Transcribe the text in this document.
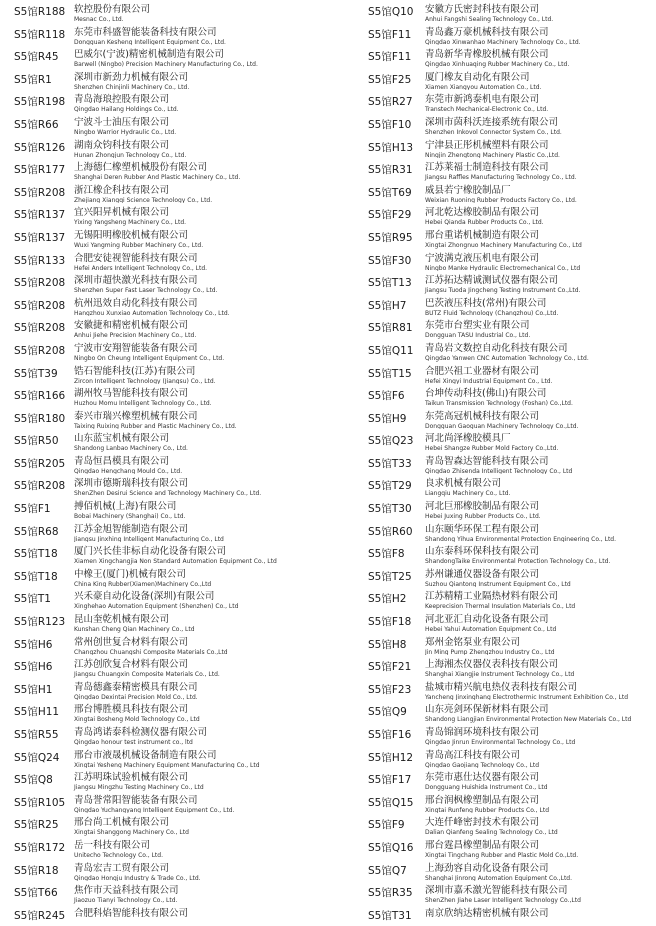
S5馆R188 软控股份有限公司
Mesnac Co., Ltd.
S5馆R118 东莞市科盛智能装备科技有限公司
Dongguan Kesheng Intelligent Equipment Co., Ltd.
S5馆R45 巴威尔(宁波)精密机械制造有限公司
Barwell (Ningbo) Precision Machinery Manufacturing Co., Ltd.
S5馆R1 深圳市新劲力机械有限公司
Shenzhen Chinjinli Machinery Co., Ltd.
S5馆R198 青岛海琅控股有限公司
Qingdao Hailang Holdings Co., Ltd.
S5馆R66 宁波斗士油压有限公司
Ningbo Warrior Hydraulic Co., Ltd.
S5馆R126 湖南众钧科技有限公司
Hunan Zhongjun Technology Co., Ltd.
S5馆R177 上海德仁橡塑机械股份有限公司
Shanghai Deren Rubber And Plastic Machinery Co., Ltd.
S5馆R208 浙江橡企科技有限公司
Zhejiang Xiangqi Science Technology Co., Ltd.
S5馆R137 宜兴阳昇机械有限公司
Yixing Yangsheng Machinery Co., Ltd.
S5馆R137 无锡阳明橡胶机械有限公司
Wuxi Yangming Rubber Machinery Co., Ltd.
S5馆R133 合肥安徒视智能科技有限公司
Hefei Anders Intelligent Technology Co., Ltd.
S5馆R208 深圳市超快激光科技有限公司
Shenzhen Super Fast Laser Technology Co., Ltd.
S5馆R208 杭州迅效自动化科技有限公司
Hangzhou Xunxiao Automation Technology Co., Ltd.
S5馆R208 安徽捷和精密机械有限公司
Anhui Jiehe Precision Machinery Co., Ltd.
S5馆R208 宁波市安翔智能装备有限公司
Ningbo On Cheung Intelligent Equipment Co., Ltd.
S5馆T39 锆石智能科技(江苏)有限公司
Zircon Intelligent Technology (Jiangsu) Co., Ltd.
S5馆R166 湖州牧马智能科技有限公司
Huzhou Momu Intelligent Technology Co., Ltd.
S5馆R180 泰兴市瑞兴橡塑机械有限公司
Taixing Ruixing Rubber and Plastic Machinery Co., Ltd.
S5馆R50 山东蓝宝机械有限公司
Shandong Lanbao Machinery Co., Ltd.
S5馆R205 青岛恒昌模具有限公司
Qingdao Hengchang Mould Co., Ltd.
S5馆R208 深圳市德斯瑞科技有限公司
ShenZhen Desirui Science and Technology Machinery Co., Ltd.
S5馆F1 搏佰机械(上海)有限公司
Bobai Machinery (Shanghai) Co., Ltd.
S5馆R68 江苏金旭智能制造有限公司
Jiangsu Jinxhing Intelligent Manufacturing Co., Ltd
S5馆T18 厦门兴长佳非标自动化设备有限公司
Xiamen Xingchangjia Non Standard Automation Equipment Co., Ltd
S5馆T18 中橡王(厦门)机械有限公司
China King Rubber(Xiamen)Machinery Co.,Ltd
S5馆T1 兴禾豪自动化设备(深圳)有限公司
Xinghehao Automation Equipment (Shenzhen) Co., Ltd
S5馆R123 昆山奎乾机械有限公司
Kunshan Cheng Qian Machinery Co., Ltd
S5馆H6 常州创世复合材料有限公司
Changzhou Chuangshi Composite Materials Co.,Ltd
S5馆H6 江苏创欣复合材料有限公司
Jiangsu Chuangxin Composite Materials Co., Ltd.
S5馆H1 青岛德鑫泰精密模具有限公司
Qingdao Dexintai Precision Mold Co., Ltd.
S5馆H11 邢台博胜模具科技有限公司
Xingtai Bosheng Mold Technology Co., Ltd
S5馆R55 青岛鸿诺泰科检测仪器有限公司
Qingdao honour test instrument co., ltd
S5馆Q24 邢台市液晟机械设备制造有限公司
Xingtai Yesheng Machinery Equipment Manufacturing Co., Ltd
S5馆Q8 江苏明珠试验机械有限公司
Jiangsu Mingzhu Testing Machinery Co., Ltd
S5馆R105 青岛誉常阳智能装备有限公司
Qingdao Yuchangyang Intelligent Equipment Co., Ltd.
S5馆R25 邢台尚工机械有限公司
Xingtai Shanggong Machinery Co., Ltd
S5馆R172 岳一科技有限公司
Unitecho Technology Co., Ltd.
S5馆R18 青岛宏吉工贸有限公司
Qingdao Hongju Industry & Trade Co., Ltd.
S5馆T66 焦作市天益科技有限公司
Jiaozuo Tianyi Technology Co., Ltd.
S5馆R245 合肥科焰智能科技有限公司
S5馆Q10 安徽方氏密封科技有限公司
Anhui Fangshi Sealing Technology Co., Ltd.
S5馆F11 青岛鑫万豪机械科技有限公司
Qingdao Xinwanhao Machinery Technology Co., Ltd.
S5馆F11 青岛新华青橡胶机械有限公司
Qingdao Xinhuaqing Rubber Machinery Co., Ltd.
S5馆F25 厦门橡友自动化有限公司
Xiamen Xiangyou Automation Co., Ltd.
S5馆R27 东莞市新鸿泰机电有限公司
Transtech Mechanical-Electronic Co., Ltd.
S5馆F10 深圳市茵科沃连接系统有限公司
Shenzhen Inkovol Connector System Co., Ltd.
S5馆H13 宁津县正彤机械塑料有限公司
Ningjin Zhengtong Machinery Plastic Co.,Ltd.
S5馆R31 江苏莱福士制造科技有限公司
Jiangsu Raffles Manufacturing Technology Co., Ltd.
S5馆T69 威县若宁橡胶制品厂
Weixian Ruoning Rubber Products Factory Co., Ltd.
S5馆F29 河北乾达橡胶制品有限公司
Hebei Qianda Rubber Products Co., Ltd.
S5馆R95 邢台重诺机械制造有限公司
Xingtai Zhongnuo Machinery Manufacturing Co., Ltd
S5馆F30 宁波满克液压机电有限公司
Ningbo Manke Hydraulic Electromechanical Co., Ltd
S5馆T13 江苏拓达精诚测试仪器有限公司
Jiangsu Tuoda Jingcheng Testing Instrument Co.,Ltd.
S5馆H7 巴茨液压科技(常州)有限公司
BUTZ Fluid Technology (Changzhou) Co.,Ltd.
S5馆R81 东莞市台塑实业有限公司
Dongguan TASU Industrial Co., Ltd.
S5馆Q11 青岛岩文数控自动化科技有限公司
Qingdao Yanwen CNC Automation Technology Co., Ltd.
S5馆T15 合肥兴祖工业器材有限公司
Hefei Xingyi Industrial Equipment Co., Ltd.
S5馆F6 台坤传动科技(佛山)有限公司
Taikun Transmission Technology (Foshan) Co.,Ltd.
S5馆H9 东莞高冠机械科技有限公司
Dongguan Gaoguan Machinery Technology Co.,Ltd.
S5馆Q23 河北尚泽橡胶模具厂
Hebei Shangze Rubber Mold Factory Co.,Ltd.
S5馆T33 青岛智森达智能科技有限公司
Qingdao Zhisenda Intelligent Technology Co., Ltd
S5馆T29 良求机械有限公司
Liangqiu Machinery Co., Ltd.
S5馆T30 河北巨邢橡胶制品有限公司
Hebei Juxing Rubber Products Co., Ltd.
S5馆R60 山东颐华环保工程有限公司
Shandong Yihua Environmental Protection Engineering Co., Ltd.
S5馆F8 山东泰科环保科技有限公司
ShandongTaike Environmental Protection Technology Co., Ltd.
S5馆T25 苏州谦通仪器设备有限公司
Suzhou Qiantong Instrument Equipment Co., Ltd
S5馆H2 江苏精精工业隔热材料有限公司
Keeprecision Thermal Insulation Materials Co., Ltd
S5馆F18 河北亚汇自动化设备有限公司
Hebei Yahui Automation Equipment Co., Ltd
S5馆H8 郑州金铭泵业有限公司
Jin Ming Pump Zhengzhou Industry Co., Ltd
S5馆F21 上海湘杰仪器仪表科技有限公司
Shanghai Xiangjie Instrument Technology Co., Ltd
S5馆F23 盐城市精兴航电热仪表科技有限公司
Yancheng Jinxinghang Electrothermic Instrument Exhibition Co., Ltd
S5馆Q9 山东亮剑环保新材料有限公司
Shandong Liangjian Environmental Protection New Materials Co., Ltd
S5馆F16 青岛锦润环境科技有限公司
Qingdao Jinrun Environmental Technology Co., Ltd
S5馆H12 青岛高江科技有限公司
Qingdao Gaojiang Technology Co., Ltd
S5馆F17 东莞市惠仕达仪器有限公司
Dongguang Huishida Instrument Co., Ltd
S5馆Q15 邢台润枫橡塑制品有限公司
Xingtai Runfeng Rubber Products Co., Ltd
S5馆F9 大连仟峰密封技术有限公司
Dalian Qianfeng Sealing Technology Co., Ltd
S5馆Q16 邢台霆昌橡塑制品有限公司
Xingtai Tingchang Rubber and Plastic Mold Co.,Ltd.
S5馆Q7 上海劲容自动化设备有限公司
Shanghai Jinrong Automation Equipment Co.,Ltd.
S5馆R35 深圳市嘉禾激光智能科技有限公司
ShenZhen Jiahe Laser Intelligent Technology Co.,Ltd
S5馆T31 南京欣纳达精密机械有限公司
